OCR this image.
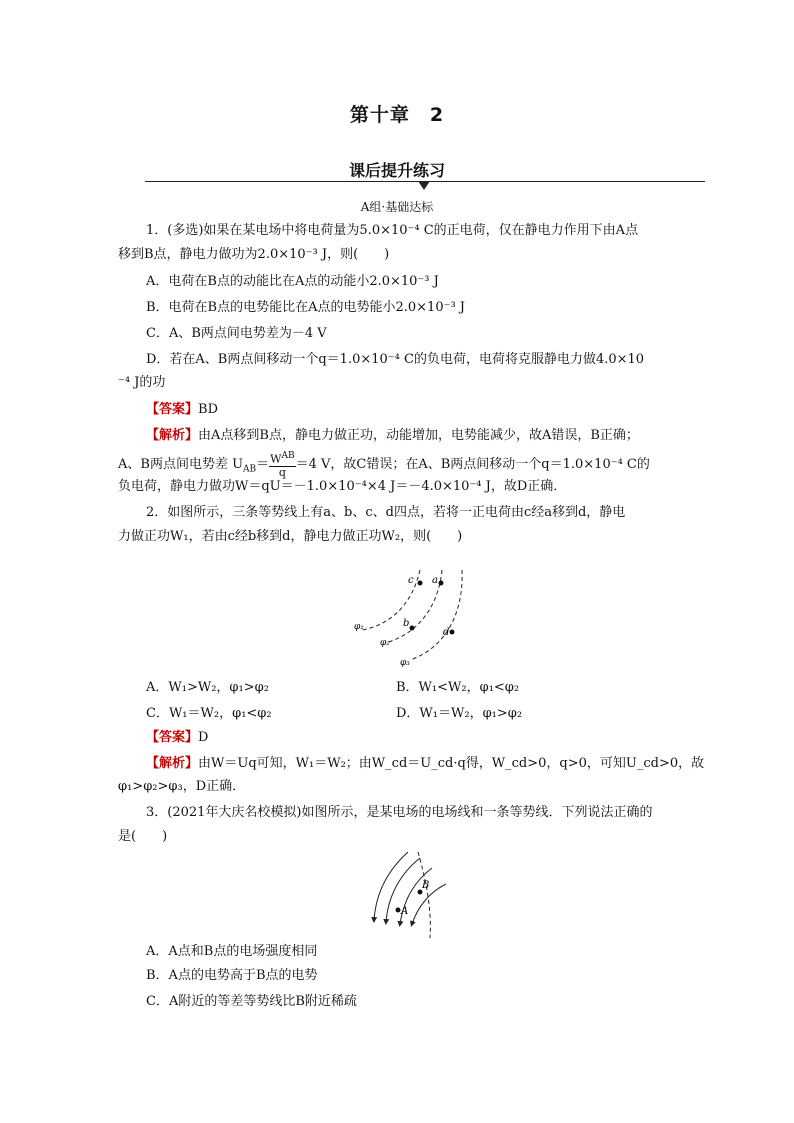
第十章　2
课后提升练习
A组·基础达标
1．(多选)如果在某电场中将电荷量为5.0×10⁻⁴ C的正电荷，仅在静电力作用下由A点
移到B点，静电力做功为2.0×10⁻³ J，则(　　)
A．电荷在B点的动能比在A点的动能小2.0×10⁻³ J
B．电荷在B点的电势能比在A点的电势能小2.0×10⁻³ J
C．A、B两点间电势差为－4 V
D．若在A、B两点间移动一个q＝1.0×10⁻⁴ C的负电荷，电荷将克服静电力做4.0×10
⁻⁴ J的功
【答案】BD
【解析】由A点移到B点，静电力做正功，动能增加，电势能减少，故A错误，B正确；
A、B两点间电势差 $U_{AB}= \frac{W^{AB}}{q} =4$ V，故C错误；在A、B两点间移动一个q＝1.0×10⁻⁴ C的
负电荷，静电力做功W＝qU＝－1.0×10⁻⁴×4 J＝－4.0×10⁻⁴ J，故D正确．
2．如图所示，三条等势线上有a、b、c、d四点，若将一正电荷由c经a移到d，静电
力做正功W₁，若由c经b移到d，静电力做正功W₂，则(　　)
c a
b
d
φ₁
φ₂
φ₃
A．W₁>W₂，φ₁>φ₂	B．W₁<W₂，φ₁<φ₂
C．W₁＝W₂，φ₁<φ₂	D．W₁＝W₂，φ₁>φ₂
【答案】D
【解析】由W＝Uq可知，W₁＝W₂；由W_cd＝U_cd·q得，W_cd>0，q>0，可知U_cd>0，故
φ₁>φ₂>φ₃，D正确．
3．(2021年大庆名校模拟)如图所示，是某电场的电场线和一条等势线．下列说法正确的
是(　　)
B
A
A．A点和B点的电场强度相同
B．A点的电势高于B点的电势
C．A附近的等差等势线比B附近稀疏
